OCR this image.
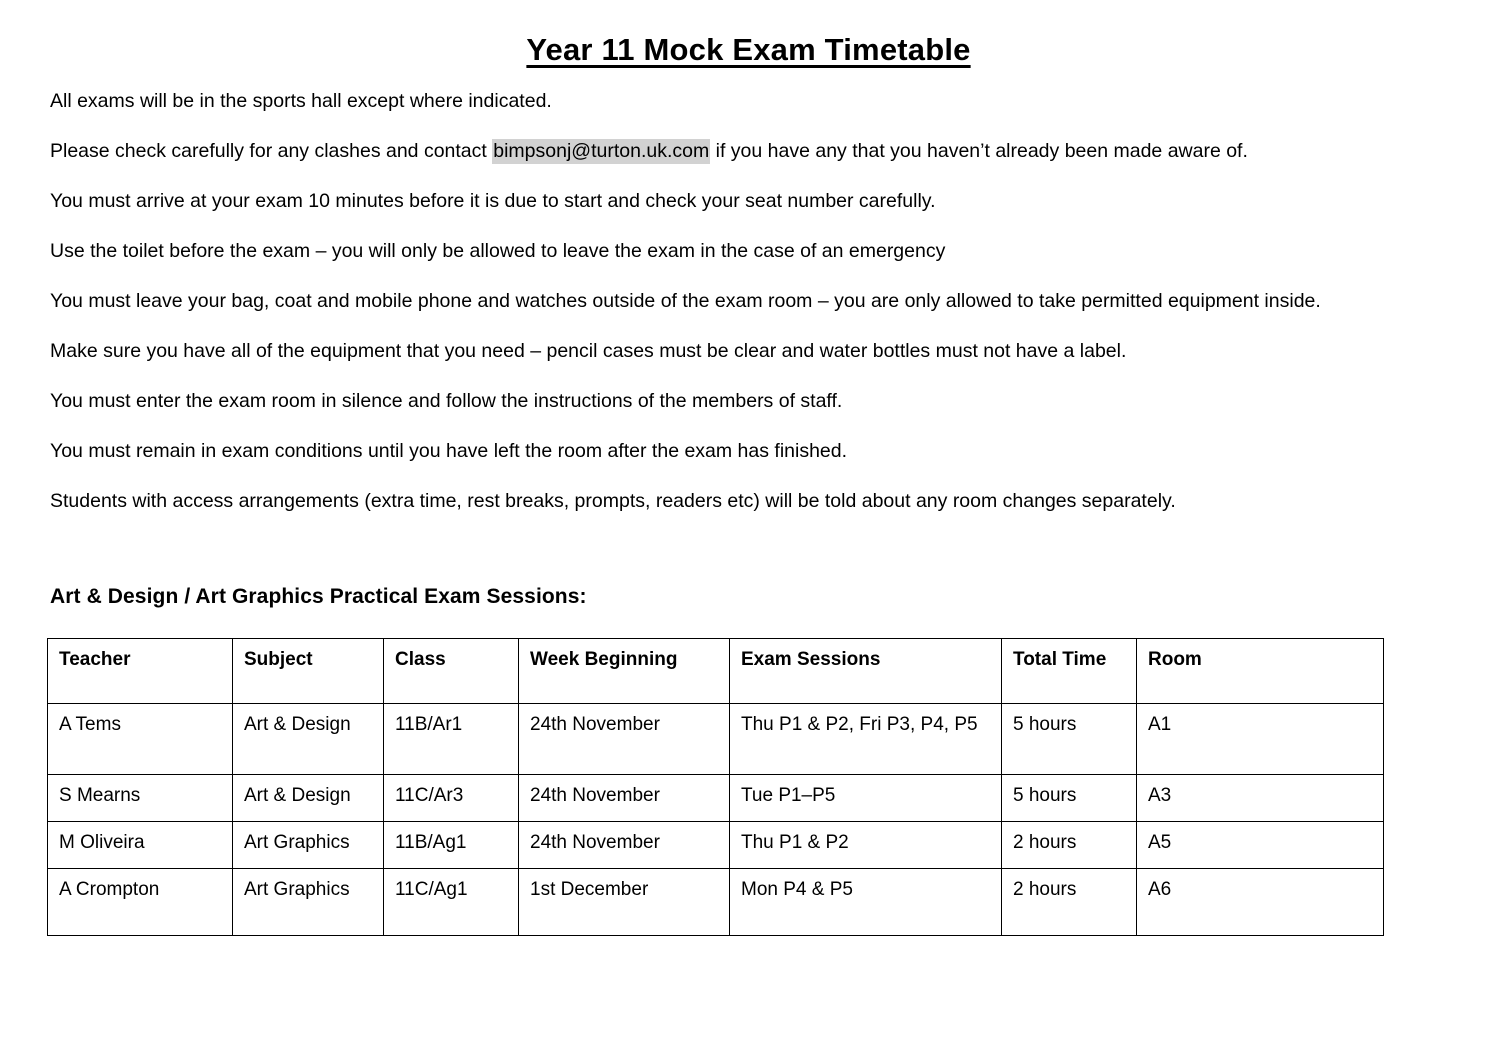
Year 11 Mock Exam Timetable

All exams will be in the sports hall except where indicated.

Please check carefully for any clashes and contact bimpsonj@turton.uk.com if you have any that you haven’t already been made aware of.

You must arrive at your exam 10 minutes before it is due to start and check your seat number carefully.

Use the toilet before the exam – you will only be allowed to leave the exam in the case of an emergency

You must leave your bag, coat and mobile phone and watches outside of the exam room – you are only allowed to take permitted equipment inside.

Make sure you have all of the equipment that you need – pencil cases must be clear and water bottles must not have a label.

You must enter the exam room in silence and follow the instructions of the members of staff.

You must remain in exam conditions until you have left the room after the exam has finished.

Students with access arrangements (extra time, rest breaks, prompts, readers etc) will be told about any room changes separately.

Art & Design / Art Graphics Practical Exam Sessions:
Teacher	Subject	Class	Week Beginning	Exam Sessions	Total Time	Room
A Tems	Art & Design	11B/Ar1	24th November	Thu P1 & P2, Fri P3, P4, P5	5 hours	A1
S Mearns	Art & Design	11C/Ar3	24th November	Tue P1–P5	5 hours	A3
M Oliveira	Art Graphics	11B/Ag1	24th November	Thu P1 & P2	2 hours	A5
A Crompton	Art Graphics	11C/Ag1	1st December	Mon P4 & P5	2 hours	A6
